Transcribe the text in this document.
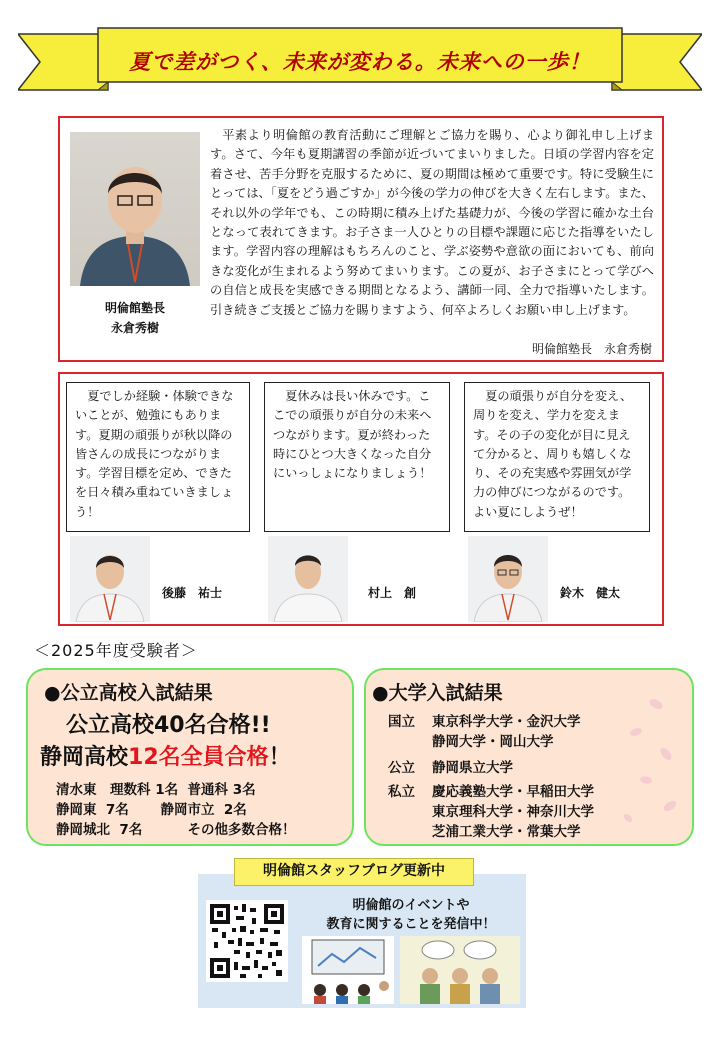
夏で差がつく、未来が変わる。未来への一歩！
明倫館塾長
永倉秀樹
平素より明倫館の教育活動にご理解とご協力を賜り、心より御礼申し上げます。さて、今年も夏期講習の季節が近づいてまいりました。日頃の学習内容を定着させ、苦手分野を克服するために、夏の期間は極めて重要です。特に受験生にとっては、「夏をどう過ごすか」が今後の学力の伸びを大きく左右します。また、それ以外の学年でも、この時期に積み上げた基礎力が、今後の学習に確かな土台となって表れてきます。お子さま一人ひとりの目標や課題に応じた指導をいたします。学習内容の理解はもちろんのこと、学ぶ姿勢や意欲の面においても、前向きな変化が生まれるよう努めてまいります。この夏が、お子さまにとって学びへの自信と成長を実感できる期間となるよう、講師一同、全力で指導いたします。引き続きご支援とご協力を賜りますよう、何卒よろしくお願い申し上げます。
明倫館塾長　永倉秀樹
夏でしか経験・体験できないことが、勉強にもあります。夏期の頑張りが秋以降の皆さんの成長につながります。学習目標を定め、できたを日々積み重ねていきましょう！
夏休みは長い休みです。ここでの頑張りが自分の未来へつながります。夏が終わった時にひとつ大きくなった自分にいっしょになりましょう！
夏の頑張りが自分を変え、周りを変え、学力を変えます。その子の変化が目に見えて分かると、周りも嬉しくなり、その充実感や雰囲気が学力の伸びにつながるのです。よい夏にしようぜ！
後藤　祐士	村上　創	鈴木　健太
＜2025年度受験者＞
●公立高校入試結果
公立高校40名合格!!
静岡高校12名全員合格！
清水東　理数科 1名  普通科 3名
静岡東  7名　　 静岡市立  2名
静岡城北  7名　　　 その他多数合格！
●大学入試結果
国立 東京科学大学・金沢大学
静岡大学・岡山大学
公立 静岡県立大学
私立 慶応義塾大学・早稲田大学
東京理科大学・神奈川大学
芝浦工業大学・常葉大学
明倫館スタッフブログ更新中
明倫館のイベントや
教育に関することを発信中！
